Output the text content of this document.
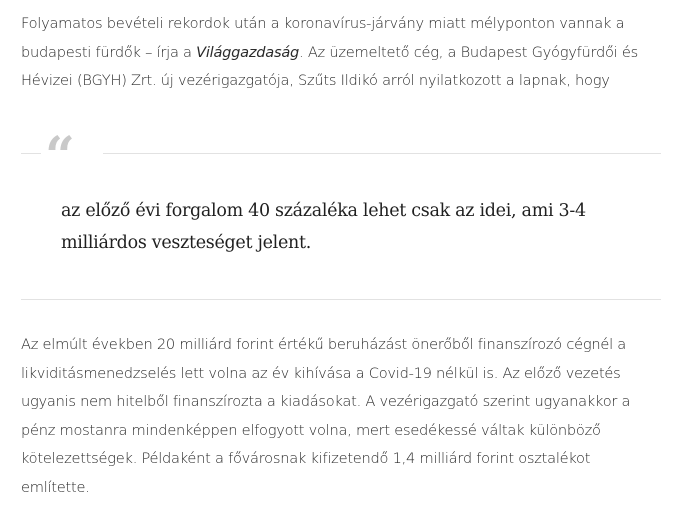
Folyamatos bevételi rekordok után a koronavírus-járvány miatt mélyponton vannak a budapesti fürdők – írja a Világgazdaság. Az üzemeltető cég, a Budapest Gyógyfürdői és Hévizei (BGYH) Zrt. új vezérigazgatója, Szűts Ildikó arról nyilatkozott a lapnak, hogy

“

az előző évi forgalom 40 százaléka lehet csak az idei, ami 3-4 milliárdos veszteséget jelent.

Az elmúlt években 20 milliárd forint értékű beruházást önerőből finanszírozó cégnél a likviditásmenedzselés lett volna az év kihívása a Covid-19 nélkül is. Az előző vezetés ugyanis nem hitelből finanszírozta a kiadásokat. A vezérigazgató szerint ugyanakkor a pénz mostanra mindenképpen elfogyott volna, mert esedékessé váltak különböző kötelezettségek. Példaként a fővárosnak kifizetendő 1,4 milliárd forint osztalékot említette.
